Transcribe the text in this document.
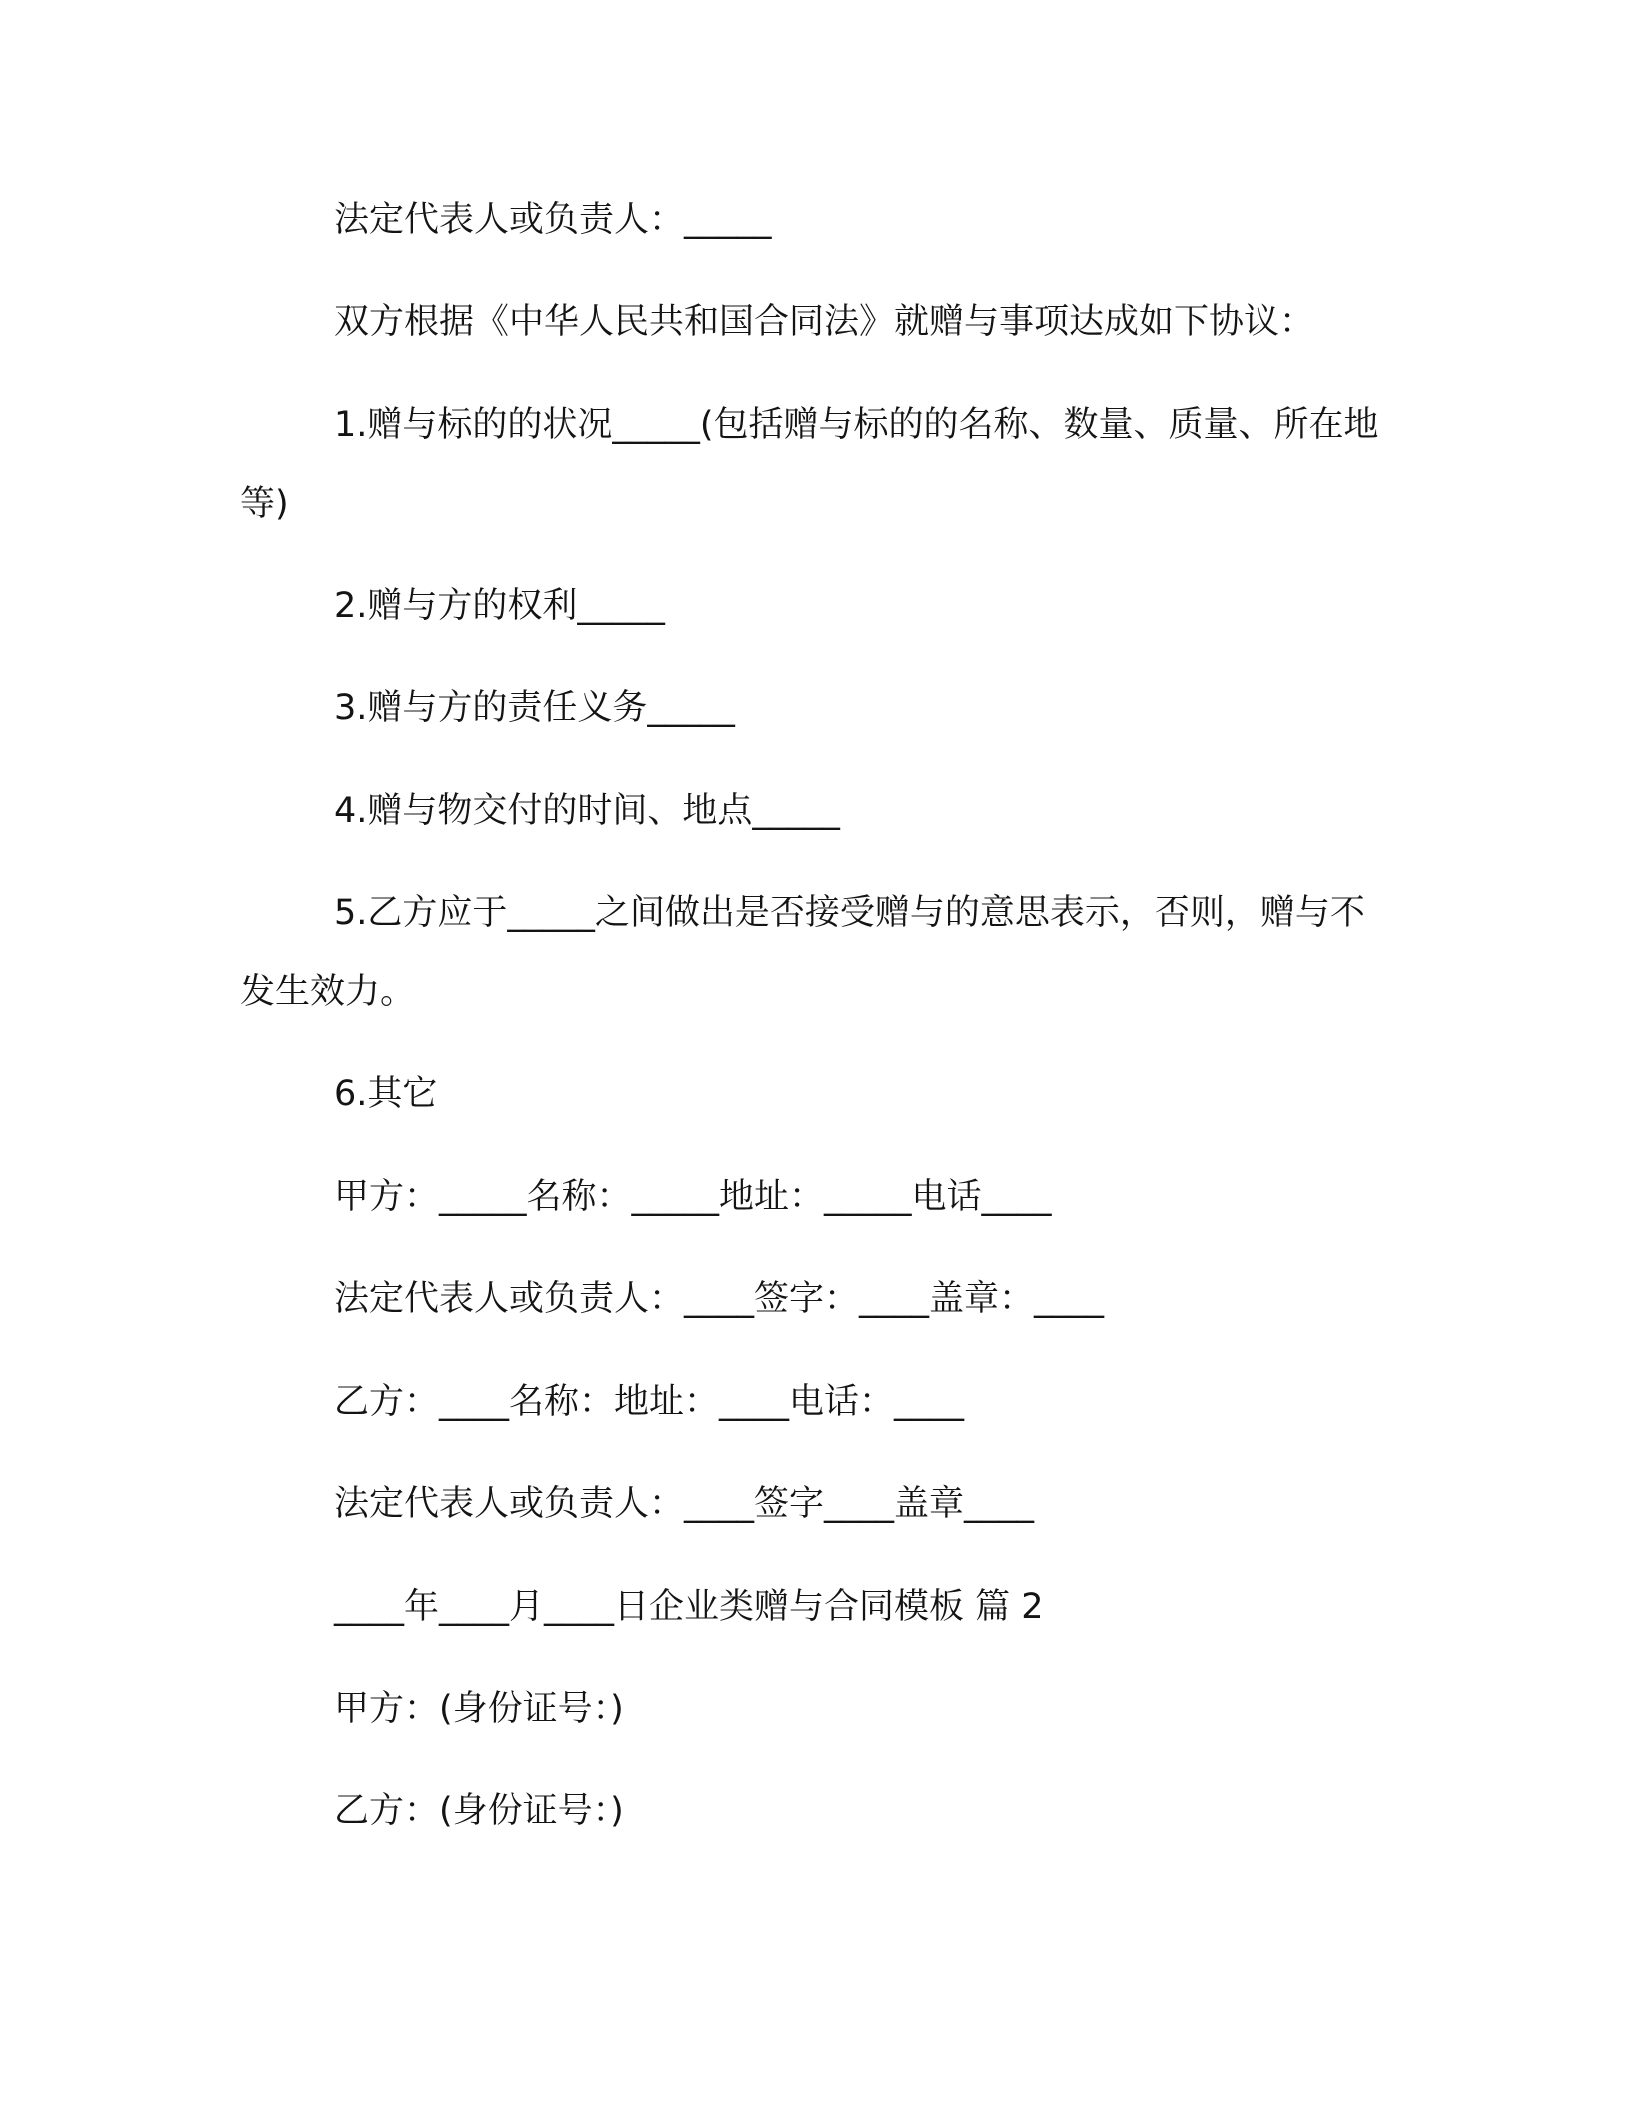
法定代表人或负责人：_____

双方根据《中华人民共和国合同法》就赠与事项达成如下协议：

1.赠与标的的状况_____(包括赠与标的的名称、数量、质量、所在地等)

2.赠与方的权利_____

3.赠与方的责任义务_____

4.赠与物交付的时间、地点_____

5.乙方应于_____之间做出是否接受赠与的意思表示，否则，赠与不发生效力。

6.其它

甲方：_____名称：_____地址：_____电话____

法定代表人或负责人：____签字：____盖章：____

乙方：____名称：地址：____电话：____

法定代表人或负责人：____签字____盖章____

____年____月____日企业类赠与合同模板 篇 2

甲方：(身份证号：)

乙方：(身份证号：)
